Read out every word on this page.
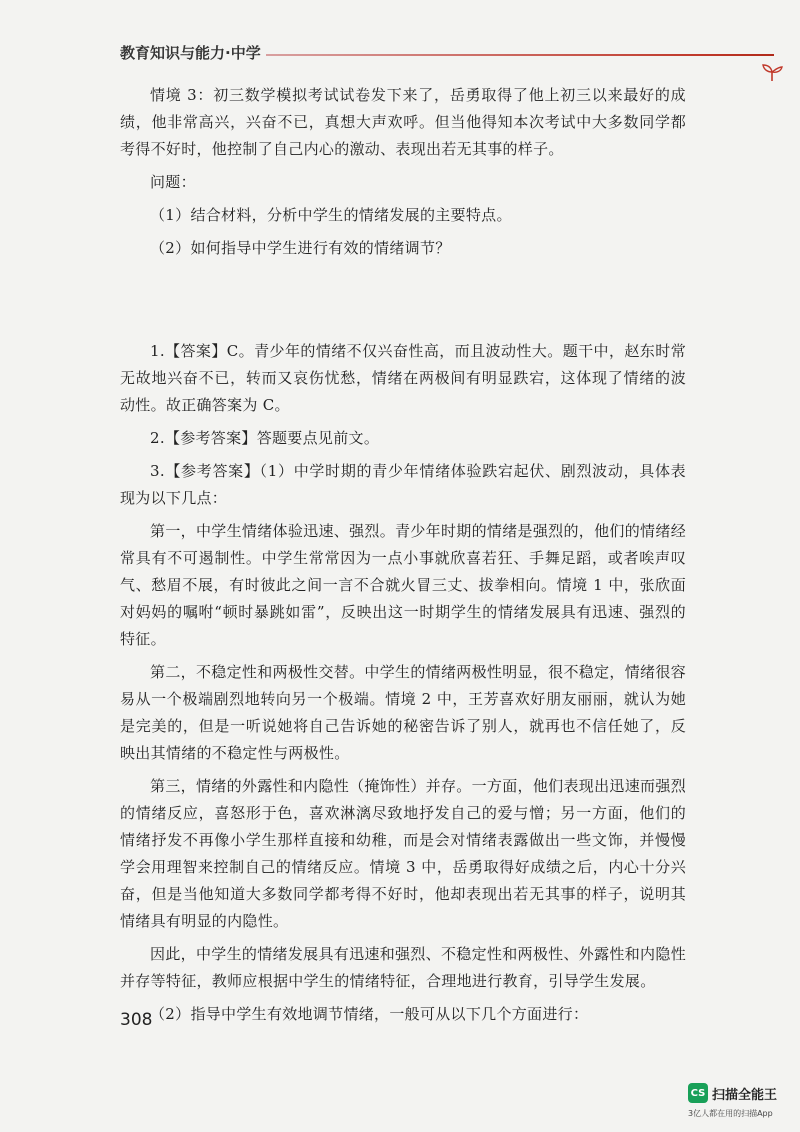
教育知识与能力·中学

情境 3：初三数学模拟考试试卷发下来了，岳勇取得了他上初三以来最好的成绩，他非常高兴，兴奋不已，真想大声欢呼。但当他得知本次考试中大多数同学都考得不好时，他控制了自己内心的激动、表现出若无其事的样子。

问题：

（1）结合材料，分析中学生的情绪发展的主要特点。

（2）如何指导中学生进行有效的情绪调节？

1.【答案】C。青少年的情绪不仅兴奋性高，而且波动性大。题干中，赵东时常无故地兴奋不已，转而又哀伤忧愁，情绪在两极间有明显跌宕，这体现了情绪的波动性。故正确答案为 C。

2.【参考答案】答题要点见前文。

3.【参考答案】（1）中学时期的青少年情绪体验跌宕起伏、剧烈波动，具体表现为以下几点：

第一，中学生情绪体验迅速、强烈。青少年时期的情绪是强烈的，他们的情绪经常具有不可遏制性。中学生常常因为一点小事就欣喜若狂、手舞足蹈，或者唉声叹气、愁眉不展，有时彼此之间一言不合就火冒三丈、拔拳相向。情境 1 中，张欣面对妈妈的嘱咐“顿时暴跳如雷”，反映出这一时期学生的情绪发展具有迅速、强烈的特征。

第二，不稳定性和两极性交替。中学生的情绪两极性明显，很不稳定，情绪很容易从一个极端剧烈地转向另一个极端。情境 2 中，王芳喜欢好朋友丽丽，就认为她是完美的，但是一听说她将自己告诉她的秘密告诉了别人，就再也不信任她了，反映出其情绪的不稳定性与两极性。

第三，情绪的外露性和内隐性（掩饰性）并存。一方面，他们表现出迅速而强烈的情绪反应，喜怒形于色，喜欢淋漓尽致地抒发自己的爱与憎；另一方面，他们的情绪抒发不再像小学生那样直接和幼稚，而是会对情绪表露做出一些文饰，并慢慢学会用理智来控制自己的情绪反应。情境 3 中，岳勇取得好成绩之后，内心十分兴奋，但是当他知道大多数同学都考得不好时，他却表现出若无其事的样子，说明其情绪具有明显的内隐性。

因此，中学生的情绪发展具有迅速和强烈、不稳定性和两极性、外露性和内隐性并存等特征，教师应根据中学生的情绪特征，合理地进行教育，引导学生发展。

（2）指导中学生有效地调节情绪，一般可从以下几个方面进行：

308
CS 扫描全能王
3亿人都在用的扫描App
